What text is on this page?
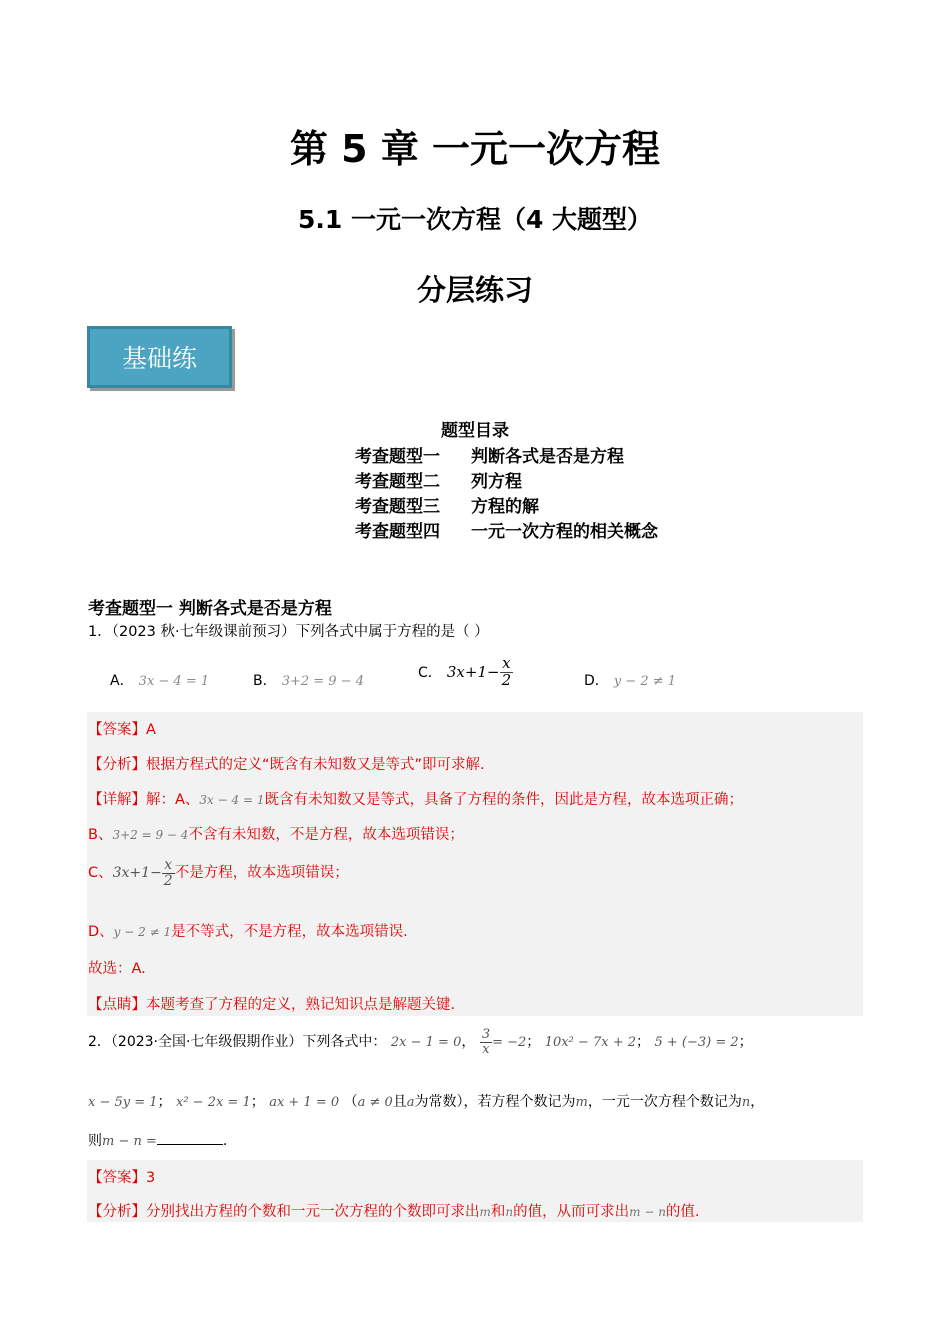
第 5 章 一元一次方程
5.1 一元一次方程（4 大题型）
分层练习
基础练
题型目录
考查题型一 判断各式是否是方程
考查题型二 列方程
考查题型三 方程的解
考查题型四 一元一次方程的相关概念
考查题型一 判断各式是否是方程
1．（2023 秋·七年级课前预习）下列各式中属于方程的是（ ）
A． 3x − 4 = 1	B． 3+2 = 9 − 4
C． $3x+1- \frac{x}{2}$	D． y − 2 ≠ 1
【答案】A
【分析】根据方程式的定义“既含有未知数又是等式”即可求解.
【详解】解：A、3x − 4 = 1既含有未知数又是等式，具备了方程的条件，因此是方程，故本选项正确；
B、3+2 = 9 − 4不含有未知数，不是方程，故本选项错误；
C、$3x+1- \frac{x}{2}$ 不是方程，故本选项错误；
D、y − 2 ≠ 1是不等式，不是方程，故本选项错误.
故选：A.
【点睛】本题考查了方程的定义，熟记知识点是解题关键.
2．（2023·全国·七年级假期作业）下列各式中： 2x − 1 = 0， $\frac{3}{x} = -2$； 10x² − 7x + 2； 5 + (−3) = 2；
x − 5y = 1； x² − 2x = 1； ax + 1 = 0 （a ≠ 0且a为常数），若方程个数记为m，一元一次方程个数记为n，
则m − n =	.
【答案】3
【分析】分别找出方程的个数和一元一次方程的个数即可求出m和n的值，从而可求出m − n的值.
